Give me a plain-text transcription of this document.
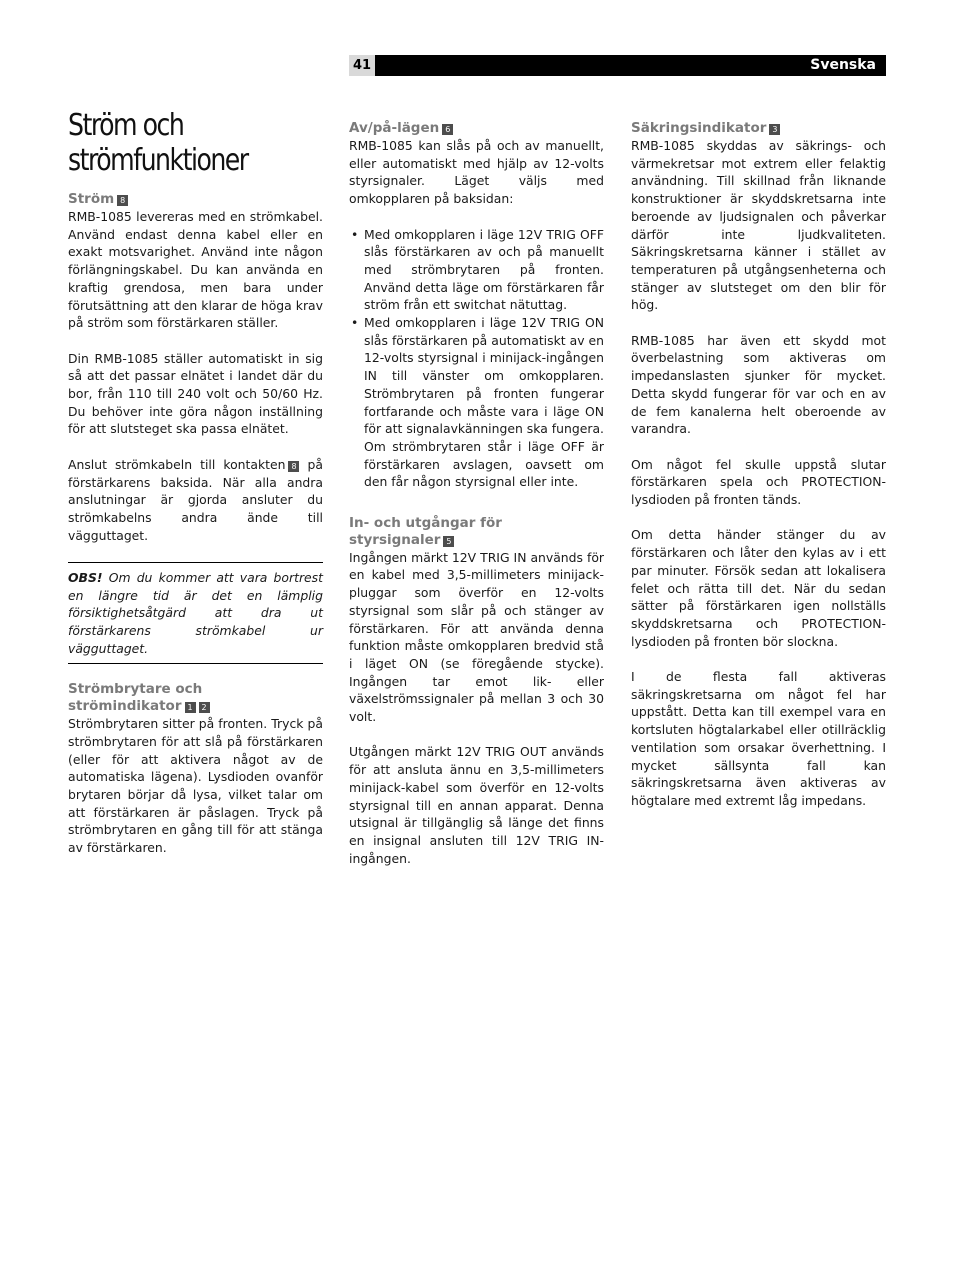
41	Svenska
Ström och strömfunktioner
Ström 8

RMB-1085 levereras med en strömkabel. Använd endast denna kabel eller en exakt motsvarighet. Använd inte någon förlängningskabel. Du kan använda en kraftig grendosa, men bara under förutsättning att den klarar de höga krav på ström som förstärkaren ställer.

Din RMB-1085 ställer automatiskt in sig så att det passar elnätet i landet där du bor, från 110 till 240 volt och 50/60 Hz. Du behöver inte göra någon inställning för att slutsteget ska passa elnätet.

Anslut strömkabeln till kontakten 8 på förstärkarens baksida. När alla andra anslutningar är gjorda ansluter du strömkabelns andra ände till vägguttaget.

OBS! Om du kommer att vara bortrest en längre tid är det en lämplig försiktighetsåtgärd att dra ut förstärkarens strömkabel ur vägguttaget.

Strömbrytare och
strömindikator 1 2

Strömbrytaren sitter på fronten. Tryck på strömbrytaren för att slå på förstärkaren (eller för att aktivera något av de automatiska lägena). Lysdioden ovanför brytaren börjar då lysa, vilket talar om att förstärkaren är påslagen. Tryck på strömbrytaren en gång till för att stänga av förstärkaren.

Av/på-lägen 6

RMB-1085 kan slås på och av manuellt, eller automatiskt med hjälp av 12-volts styrsignaler. Läget väljs med omkopplaren på baksidan:

• Med omkopplaren i läge 12V TRIG OFF slås förstärkaren av och på manuellt med strömbrytaren på fronten. Använd detta läge om förstärkaren får ström från ett switchat nätuttag.
• Med omkopplaren i läge 12V TRIG ON slås förstärkaren på automatiskt av en 12-volts styrsignal i minijack-ingången IN till vänster om omkopplaren. Strömbrytaren på fronten fungerar fortfarande och måste vara i läge ON för att signalavkänningen ska fungera. Om strömbrytaren står i läge OFF är förstärkaren avslagen, oavsett om den får någon styrsignal eller inte.
In- och utgångar för
styrsignaler 5

Ingången märkt 12V TRIG IN används för en kabel med 3,5-millimeters minijack-pluggar som överför en 12-volts styrsignal som slår på och stänger av förstärkaren. För att använda denna funktion måste omkopplaren bredvid stå i läget ON (se föregående stycke). Ingången tar emot lik- eller växelströmssignaler på mellan 3 och 30 volt.

Utgången märkt 12V TRIG OUT används för att ansluta ännu en 3,5-millimeters minijack-kabel som överför en 12-volts styrsignal till en annan apparat. Denna utsignal är tillgänglig så länge det finns en insignal ansluten till 12V TRIG IN-ingången.

Säkringsindikator 3

RMB-1085 skyddas av säkrings- och värmekretsar mot extrem eller felaktig användning. Till skillnad från liknande konstruktioner är skyddskretsarna inte beroende av ljudsignalen och påverkar därför inte ljudkvaliteten. Säkringskretsarna känner i stället av temperaturen på utgångsenheterna och stänger av slutsteget om den blir för hög.

RMB-1085 har även ett skydd mot överbelastning som aktiveras om impedanslasten sjunker för mycket. Detta skydd fungerar för var och en av de fem kanalerna helt oberoende av varandra.

Om något fel skulle uppstå slutar förstärkaren spela och PROTECTION-lysdioden på fronten tänds.

Om detta händer stänger du av förstärkaren och låter den kylas av i ett par minuter. Försök sedan att lokalisera felet och rätta till det. När du sedan sätter på förstärkaren igen nollställs skyddskretsarna och PROTECTION-lysdioden på fronten bör slockna.

I de flesta fall aktiveras säkringskretsarna om något fel har uppstått. Detta kan till exempel vara en kortsluten högtalarkabel eller otillräcklig ventilation som orsakar överhettning. I mycket sällsynta fall kan säkringskretsarna även aktiveras av högtalare med extremt låg impedans.
